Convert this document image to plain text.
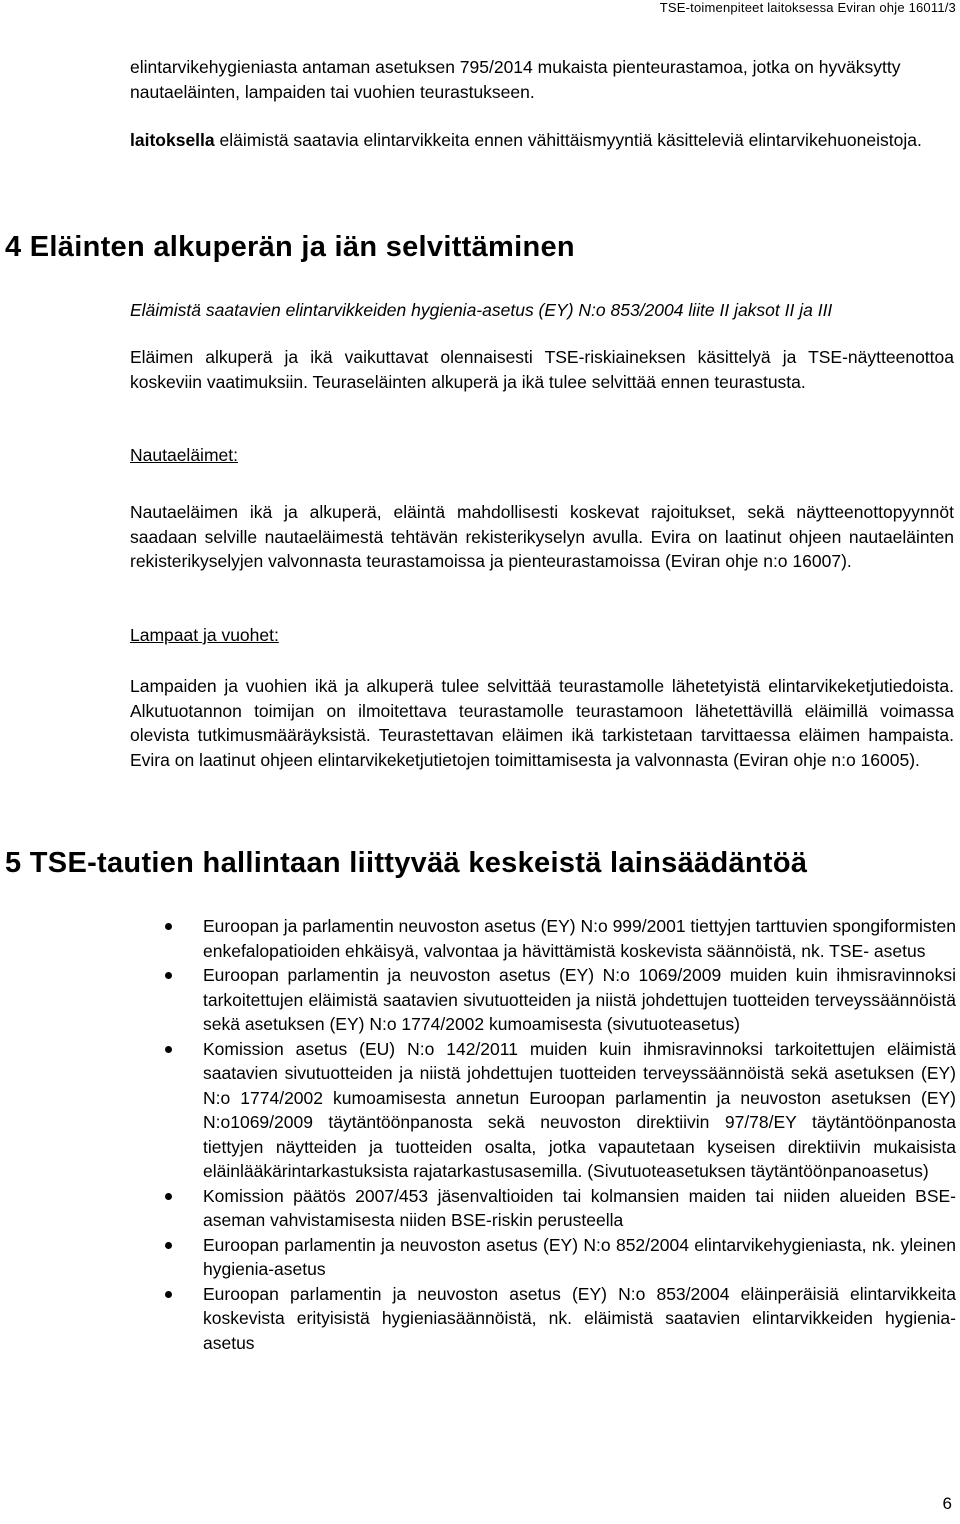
TSE-toimenpiteet laitoksessa Eviran ohje 16011/3
elintarvikehygieniasta antaman asetuksen 795/2014 mukaista pienteurastamoa, jotka on hyväksytty nautaeläinten, lampaiden tai vuohien teurastukseen.
laitoksella eläimistä saatavia elintarvikkeita ennen vähittäismyyntiä käsitteleviä elintarvikehuoneistoja.
4 Eläinten alkuperän ja iän selvittäminen
Eläimistä saatavien elintarvikkeiden hygienia-asetus (EY) N:o 853/2004 liite II jaksot II ja III
Eläimen alkuperä ja ikä vaikuttavat olennaisesti TSE-riskiaineksen käsittelyä ja TSE-näytteenottoa koskeviin vaatimuksiin. Teuraseläinten alkuperä ja ikä tulee selvittää ennen teurastusta.
Nautaeläimet:
Nautaeläimen ikä ja alkuperä, eläintä mahdollisesti koskevat rajoitukset, sekä näytteenottopyynnöt saadaan selville nautaeläimestä tehtävän rekisterikyselyn avulla. Evira on laatinut ohjeen nautaeläinten rekisterikyselyjen valvonnasta teurastamoissa ja pienteurastamoissa (Eviran ohje n:o 16007).
Lampaat ja vuohet:
Lampaiden ja vuohien ikä ja alkuperä tulee selvittää teurastamolle lähetetyistä elintarvikeketjutiedoista. Alkutuotannon toimijan on ilmoitettava teurastamolle teurastamoon lähetettävillä eläimillä voimassa olevista tutkimusmääräyksistä. Teurastettavan eläimen ikä tarkistetaan tarvittaessa eläimen hampaista. Evira on laatinut ohjeen elintarvikeketjutietojen toimittamisesta ja valvonnasta (Eviran ohje n:o 16005).
5 TSE-tautien hallintaan liittyvää keskeistä lainsäädäntöä
Euroopan ja parlamentin neuvoston asetus (EY) N:o 999/2001 tiettyjen tarttuvien spongiformisten enkefalopatioiden ehkäisyä, valvontaa ja hävittämistä koskevista säännöistä, nk. TSE- asetus
Euroopan parlamentin ja neuvoston asetus (EY) N:o 1069/2009 muiden kuin ihmisravinnoksi tarkoitettujen eläimistä saatavien sivutuotteiden ja niistä johdettujen tuotteiden terveyssäännöistä sekä asetuksen (EY) N:o 1774/2002 kumoamisesta (sivutuoteasetus)
Komission asetus (EU) N:o 142/2011 muiden kuin ihmisravinnoksi tarkoitettujen eläimistä saatavien sivutuotteiden ja niistä johdettujen tuotteiden terveyssäännöistä sekä asetuksen (EY) N:o 1774/2002 kumoamisesta annetun Euroopan parlamentin ja neuvoston asetuksen (EY) N:o1069/2009 täytäntöönpanosta sekä neuvoston direktiivin 97/78/EY täytäntöönpanosta tiettyjen näytteiden ja tuotteiden osalta, jotka vapautetaan kyseisen direktiivin mukaisista eläinlääkärintarkastuksista rajatarkastusasemilla. (Sivutuoteasetuksen täytäntöönpanoasetus)
Komission päätös 2007/453 jäsenvaltioiden tai kolmansien maiden tai niiden alueiden BSE-aseman vahvistamisesta niiden BSE-riskin perusteella
Euroopan parlamentin ja neuvoston asetus (EY) N:o 852/2004 elintarvikehygieniasta, nk. yleinen hygienia-asetus
Euroopan parlamentin ja neuvoston asetus (EY) N:o 853/2004 eläinperäisiä elintarvikkeita koskevista erityisistä hygieniasäännöistä, nk. eläimistä saatavien elintarvikkeiden hygienia-asetus
6
